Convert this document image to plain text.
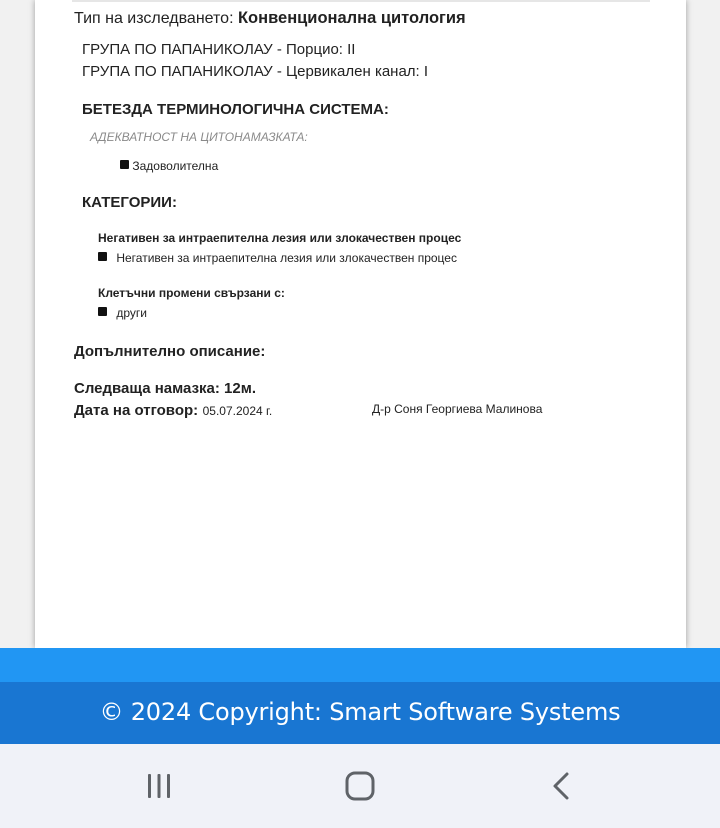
Тип на изследването: Конвенционална цитология
ГРУПА ПО ПАПАНИКОЛАУ - Порцио: II
ГРУПА ПО ПАПАНИКОЛАУ - Цервикален канал: I
БЕТЕЗДА ТЕРМИНОЛОГИЧНА СИСТЕМА:
АДЕКВАТНОСТ НА ЦИТОНАМАЗКАТА:
Задоволителна
КАТЕГОРИИ:
Негативен за интраепителна лезия или злокачествен процес
Негативен за интраепителна лезия или злокачествен процес
Клетъчни промени свързани с:
други
Допълнително описание:
Следваща намазка: 12м.
Дата на отговор: 05.07.2024 г.	Д-р Соня Георгиева Малинова
© 2024 Copyright: Smart Software Systems
